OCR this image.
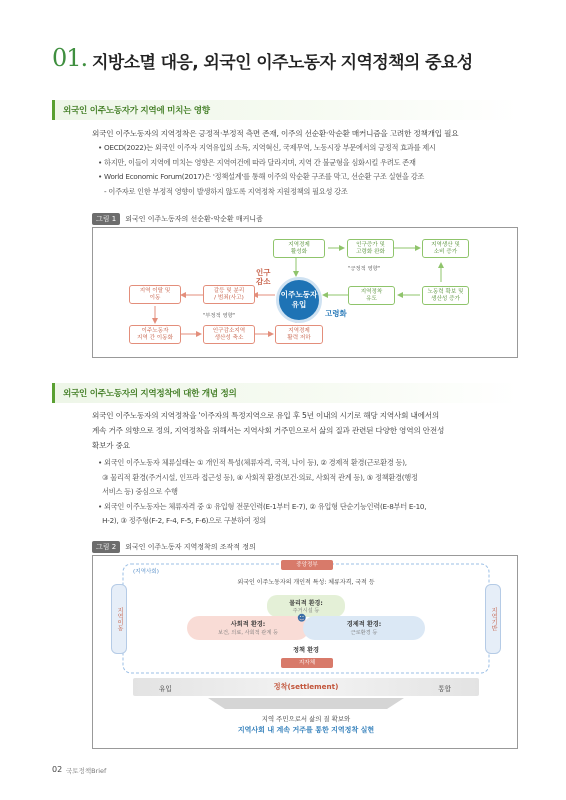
01. 지방소멸 대응, 외국인 이주노동자 지역정책의 중요성
외국인 이주노동자가 지역에 미치는 영향
외국인 이주노동자의 지역정착은 긍정적·부정적 측면 존재, 이주의 선순환·악순환 매커니즘을 고려한 정책개입 필요
• OECD(2022)는 외국인 이주자 지역유입의 소득, 지역혁신, 국제무역, 노동시장 부문에서의 긍정적 효과를 제시
• 하지만, 이들이 지역에 미치는 영향은 지역여건에 따라 달라지며, 지역 간 불균형을 심화시킬 우려도 존재
• World Economic Forum(2017)은 '정책설계'를 통해 이주의 악순환 구조를 막고, 선순환 구조 실현을 강조
- 이주자로 인한 부정적 영향이 발생하지 않도록 지역정착 지원정책의 필요성 강조
그림 1	외국인 이주노동자의 선순환-악순환 매커니즘
지역경제
활성화
인구증가 및
고령화 완화
지역생산 및
소비 증가
"긍정적 영향"
지역정착
유도
노동력 확보 및
생산성 증가
이주노동자
유입
인구
감소
고령화
지역 이탈 및
이동
갈등 및 분리
/ 범죄(사고)
"부정적 영향"
이주노동자
지역 간 이동화
인구감소지역
생산성 축소
지역경제
활력 저하
외국인 이주노동자의 지역정착에 대한 개념 정의
외국인 이주노동자의 지역정착을 '이주자의 특정지역으로 유입 후 5년 이내의 시기로 해당 지역사회 내에서의
계속 거주 의향으로 정의, 지역정착을 위해서는 지역사회 거주민으로서 삶의 질과 관련된 다양한 영역의 안전성
확보가 중요
• 외국인 이주노동자 체류실태는 ① 개인적 특성(체류자격, 국적, 나이 등), ② 경제적 환경(근로환경 등),
③ 물리적 환경(주거시설, 인프라 접근성 등), ④ 사회적 환경(보건·의료, 사회적 관계 등), ⑤ 정책환경(행정
서비스 등) 중심으로 수행
• 외국인 이주노동자는 체류자격 중 ① 유입형 전문인력(E-1부터 E-7), ② 유입형 단순기능인력(E-8부터 E-10,
H-2), ③ 정주형(F-2, F-4, F-5, F-6)으로 구분하여 정의
그림 2	외국인 이주노동자 지역정착의 조작적 정의
(지역사회)
중앙정부
지역이동	지역기반
외국인 이주노동자의 개인적 특성: 체류자격, 국적 등
물리적 환경:
주거시설 등
사회적 환경:
보건, 의료, 사회적 관계 등
경제적 환경:
근로환경 등
☻
정책 환경
지자체
유입	정착(settlement)	통합
지역 주민으로서 삶의 질 확보와
지역사회 내 계속 거주를 통한 지역정착 실현
02 국토정책Brief
